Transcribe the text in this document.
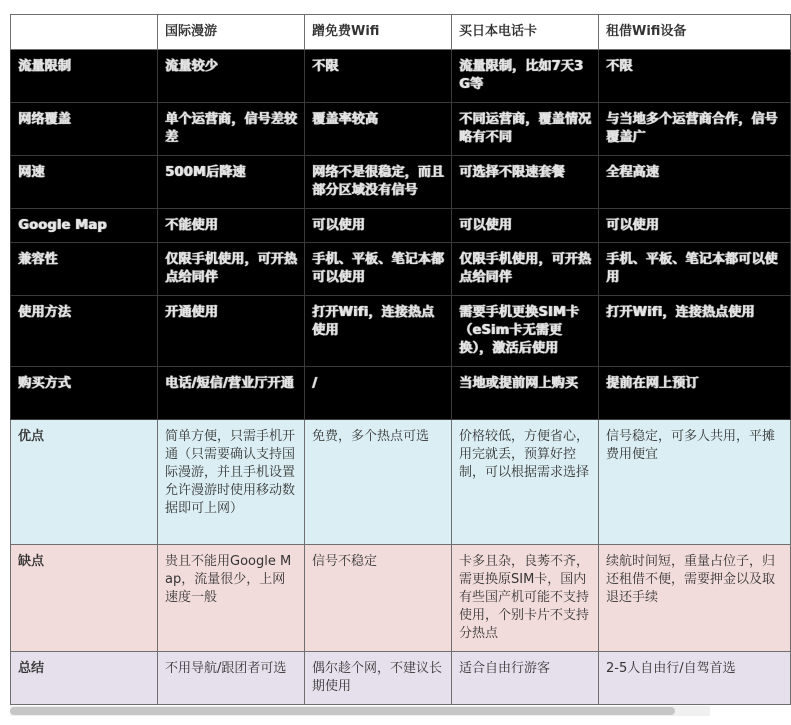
	国际漫游	蹭免费Wifi	买日本电话卡	租借Wifi设备
流量限制	流量较少	不限	流量限制，比如7天3G等	不限
网络覆盖	单个运营商，信号差较差	覆盖率较高	不同运营商，覆盖情况略有不同	与当地多个运营商合作，信号覆盖广
网速	500M后降速	网络不是很稳定，而且部分区域没有信号	可选择不限速套餐	全程高速
Google Map	不能使用	可以使用	可以使用	可以使用
兼容性	仅限手机使用，可开热点给同伴	手机、平板、笔记本都可以使用	仅限手机使用，可开热点给同伴	手机、平板、笔记本都可以使用
使用方法	开通使用	打开Wifi，连接热点使用	需要手机更换SIM卡（eSim卡无需更换），激活后使用	打开Wifi，连接热点使用
购买方式	电话/短信/营业厅开通	/	当地或提前网上购买	提前在网上预订
优点	简单方便，只需手机开通（只需要确认支持国际漫游，并且手机设置允许漫游时使用移动数据即可上网）	免费，多个热点可选	价格较低，方便省心，用完就丢，预算好控制，可以根据需求选择	信号稳定，可多人共用，平摊费用便宜
缺点	贵且不能用Google Map，流量很少，上网速度一般	信号不稳定	卡多且杂，良莠不齐，需更换原SIM卡，国内有些国产机可能不支持使用，个别卡片不支持分热点	续航时间短，重量占位子，归还租借不便，需要押金以及取退还手续
总结	不用导航/跟团者可选	偶尔趁个网，不建议长期使用	适合自由行游客	2-5人自由行/自驾首选
